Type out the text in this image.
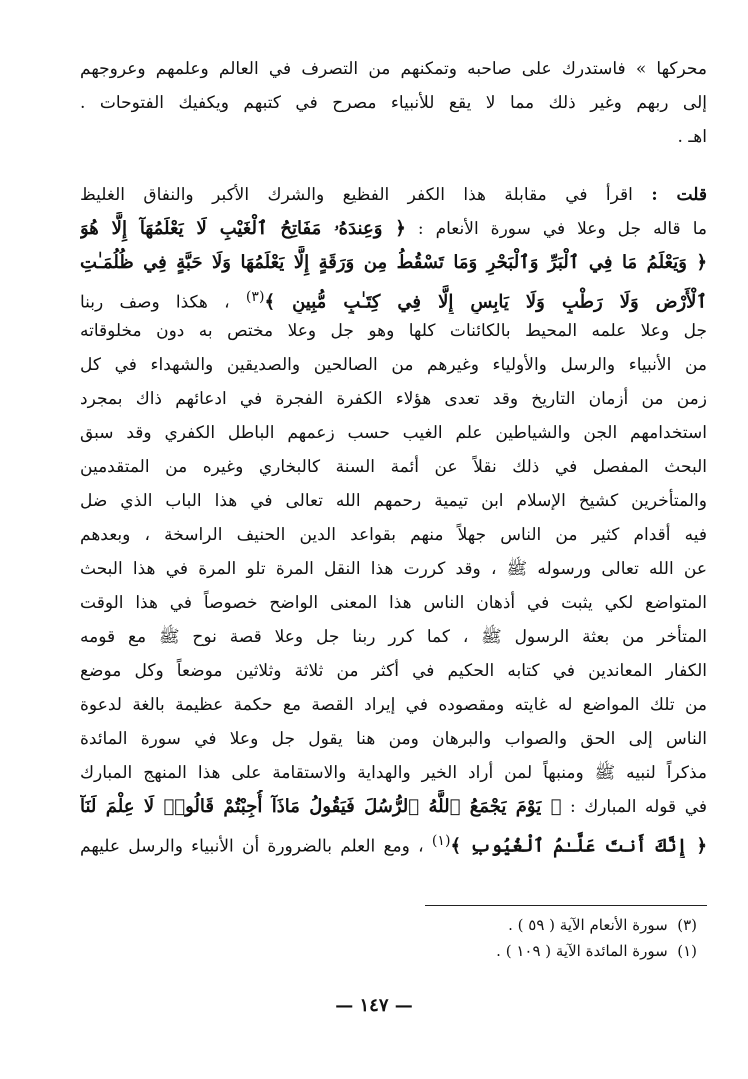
محركها » فاستدرك على صاحبه وتمكنهم من التصرف في العالم وعلمهم وعروجهم
إلى ربهم وغير ذلك مما لا يقع للأنبياء مصرح في كتبهم ويكفيك الفتوحات .
اهـ .
قلت : اقرأ في مقابلة هذا الكفر الفظيع والشرك الأكبر والنفاق الغليظ
ما قاله جل وعلا في سورة الأنعام : ﴿ وَعِندَهُۥ مَفَاتِحُ ٱلْغَيْبِ لَا يَعْلَمُهَآ إِلَّا هُوَ
﴿ وَيَعْلَمُ مَا فِي ٱلْبَرِّ وَٱلْبَحْرِ وَمَا تَسْقُطُ مِن وَرَقَةٍ إِلَّا يَعْلَمُهَا وَلَا حَبَّةٍ فِي ظُلُمَـٰتِ
ٱلْأَرْضِ وَلَا رَطْبٍ وَلَا يَابِسٍ إِلَّا فِي كِتَـٰبٍ مُّبِينٍ ﴾$^{(٣)}$ ، هكذا وصف ربنا
جل وعلا علمه المحيط بالكائنات كلها وهو جل وعلا مختص به دون مخلوقاته
من الأنبياء والرسل والأولياء وغيرهم من الصالحين والصديقين والشهداء في كل
زمن من أزمان التاريخ وقد تعدى هؤلاء الكفرة الفجرة في ادعائهم ذاك بمجرد
استخدامهم الجن والشياطين علم الغيب حسب زعمهم الباطل الكفري وقد سبق
البحث المفصل في ذلك نقلاً عن أئمة السنة كالبخاري وغيره من المتقدمين
والمتأخرين كشيخ الإسلام ابن تيمية رحمهم الله تعالى في هذا الباب الذي ضل
فيه أقدام كثير من الناس جهلاً منهم بقواعد الدين الحنيف الراسخة ، وبعدهم
عن الله تعالى ورسوله ﷺ ، وقد كررت هذا النقل المرة تلو المرة في هذا البحث
المتواضع لكي يثبت في أذهان الناس هذا المعنى الواضح خصوصاً في هذا الوقت
المتأخر من بعثة الرسول ﷺ ، كما كرر ربنا جل وعلا قصة نوح ﷺ مع قومه
الكفار المعاندين في كتابه الحكيم في أكثر من ثلاثة وثلاثين موضعاً وكل موضع
من تلك المواضع له غايته ومقصوده في إيراد القصة مع حكمة عظيمة بالغة لدعوة
الناس إلى الحق والصواب والبرهان ومن هنا يقول جل وعلا في سورة المائدة
مذكراً لنبيه ﷺ ومنبهاً لمن أراد الخير والهداية والاستقامة على هذا المنهج المبارك
في قوله المبارك : ﴿ يَوْمَ يَجْمَعُ ٱللَّهُ ٱلرُّسُلَ فَيَقُولُ مَاذَآ أُجِبْتُمْ قَالُوا۟ لَا عِلْمَ لَنَآ
﴿ إِنَّكَ أَنتَ عَلَّـٰمُ ٱلْغُيُوبِ ﴾$^{(١)}$ ، ومع العلم بالضرورة أن الأنبياء والرسل عليهم
(٣)  سورة الأنعام الآية ( ٥٩ ) .
(١)  سورة المائدة الآية ( ١٠٩ ) .
— ١٤٧ —
